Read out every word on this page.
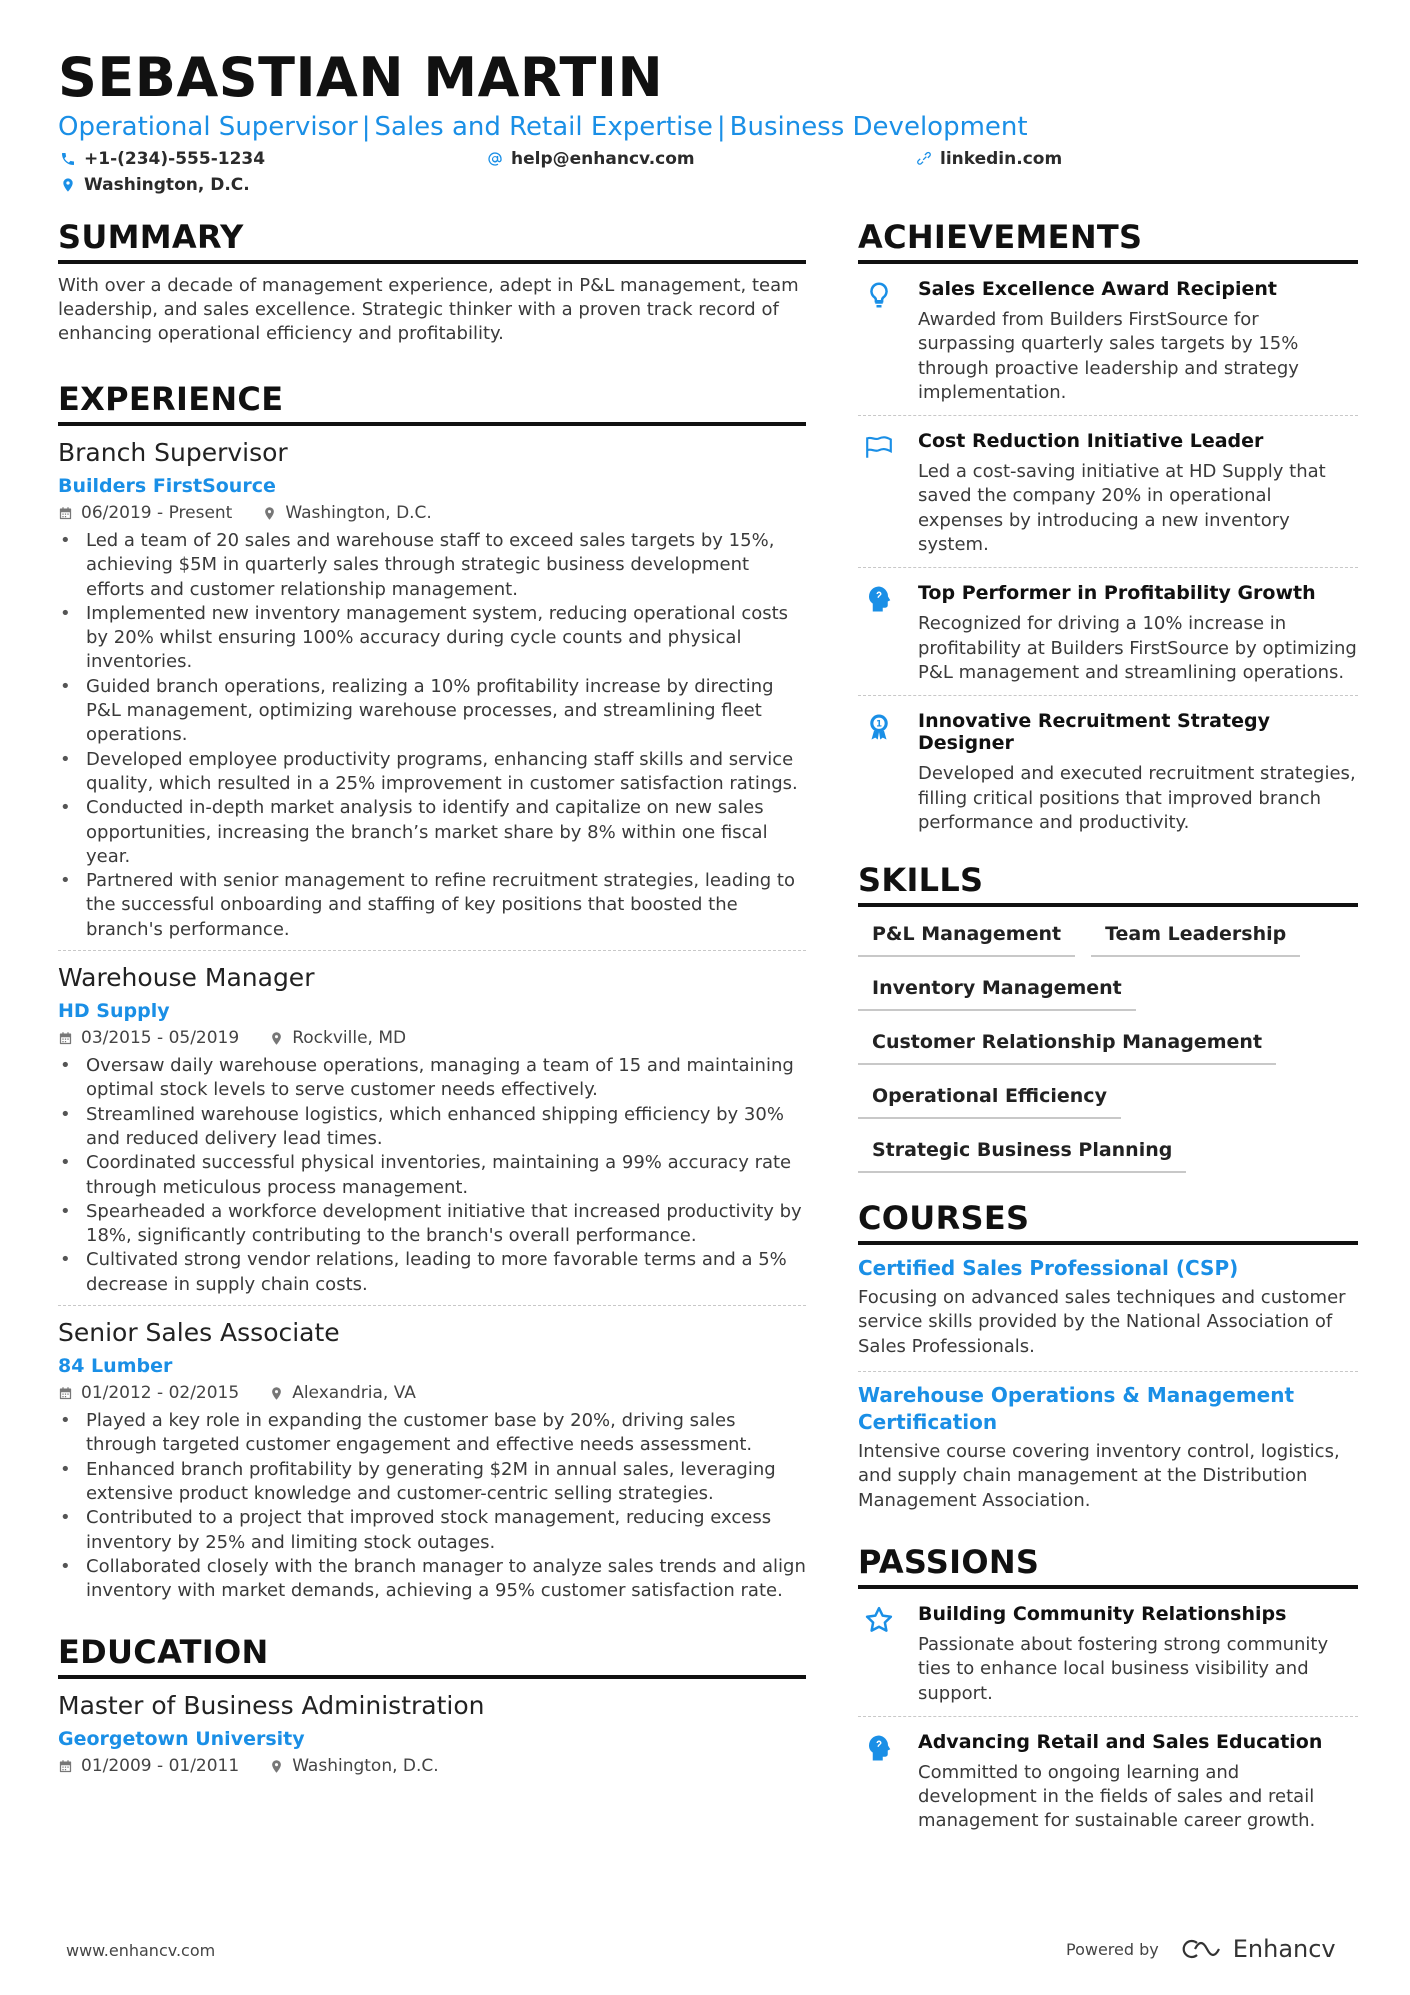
SEBASTIAN MARTIN
Operational Supervisor | Sales and Retail Expertise | Business Development
+1-(234)-555-1234	help@enhancv.com	linkedin.com
Washington, D.C.
SUMMARY
With over a decade of management experience, adept in P&L management, team leadership, and sales excellence. Strategic thinker with a proven track record of enhancing operational efficiency and profitability.
EXPERIENCE
Branch Supervisor
Builders FirstSource
06/2019 - Present	Washington, D.C.
• Led a team of 20 sales and warehouse staff to exceed sales targets by 15%, achieving $5M in quarterly sales through strategic business development efforts and customer relationship management.
• Implemented new inventory management system, reducing operational costs by 20% whilst ensuring 100% accuracy during cycle counts and physical inventories.
• Guided branch operations, realizing a 10% profitability increase by directing P&L management, optimizing warehouse processes, and streamlining fleet operations.
• Developed employee productivity programs, enhancing staff skills and service quality, which resulted in a 25% improvement in customer satisfaction ratings.
• Conducted in-depth market analysis to identify and capitalize on new sales opportunities, increasing the branch’s market share by 8% within one fiscal year.
• Partnered with senior management to refine recruitment strategies, leading to the successful onboarding and staffing of key positions that boosted the branch's performance.
Warehouse Manager
HD Supply
03/2015 - 05/2019	Rockville, MD
• Oversaw daily warehouse operations, managing a team of 15 and maintaining optimal stock levels to serve customer needs effectively.
• Streamlined warehouse logistics, which enhanced shipping efficiency by 30% and reduced delivery lead times.
• Coordinated successful physical inventories, maintaining a 99% accuracy rate through meticulous process management.
• Spearheaded a workforce development initiative that increased productivity by 18%, significantly contributing to the branch's overall performance.
• Cultivated strong vendor relations, leading to more favorable terms and a 5% decrease in supply chain costs.
Senior Sales Associate
84 Lumber
01/2012 - 02/2015	Alexandria, VA
• Played a key role in expanding the customer base by 20%, driving sales through targeted customer engagement and effective needs assessment.
• Enhanced branch profitability by generating $2M in annual sales, leveraging extensive product knowledge and customer-centric selling strategies.
• Contributed to a project that improved stock management, reducing excess inventory by 25% and limiting stock outages.
• Collaborated closely with the branch manager to analyze sales trends and align inventory with market demands, achieving a 95% customer satisfaction rate.
EDUCATION
Master of Business Administration
Georgetown University
01/2009 - 01/2011	Washington, D.C.
ACHIEVEMENTS
Sales Excellence Award Recipient
Awarded from Builders FirstSource for surpassing quarterly sales targets by 15% through proactive leadership and strategy implementation.
Cost Reduction Initiative Leader
Led a cost-saving initiative at HD Supply that saved the company 20% in operational expenses by introducing a new inventory system.
Top Performer in Profitability Growth
Recognized for driving a 10% increase in profitability at Builders FirstSource by optimizing P&L management and streamlining operations.
1 Innovative Recruitment Strategy Designer
Developed and executed recruitment strategies, filling critical positions that improved branch performance and productivity.
SKILLS
P&L Management	Team Leadership
Inventory Management
Customer Relationship Management
Operational Efficiency
Strategic Business Planning
COURSES
Certified Sales Professional (CSP)
Focusing on advanced sales techniques and customer service skills provided by the National Association of Sales Professionals.
Warehouse Operations & Management Certification
Intensive course covering inventory control, logistics, and supply chain management at the Distribution Management Association.
PASSIONS
Building Community Relationships
Passionate about fostering strong community ties to enhance local business visibility and support.
Advancing Retail and Sales Education
Committed to ongoing learning and development in the fields of sales and retail management for sustainable career growth.
www.enhancv.com	Powered by	Enhancv
